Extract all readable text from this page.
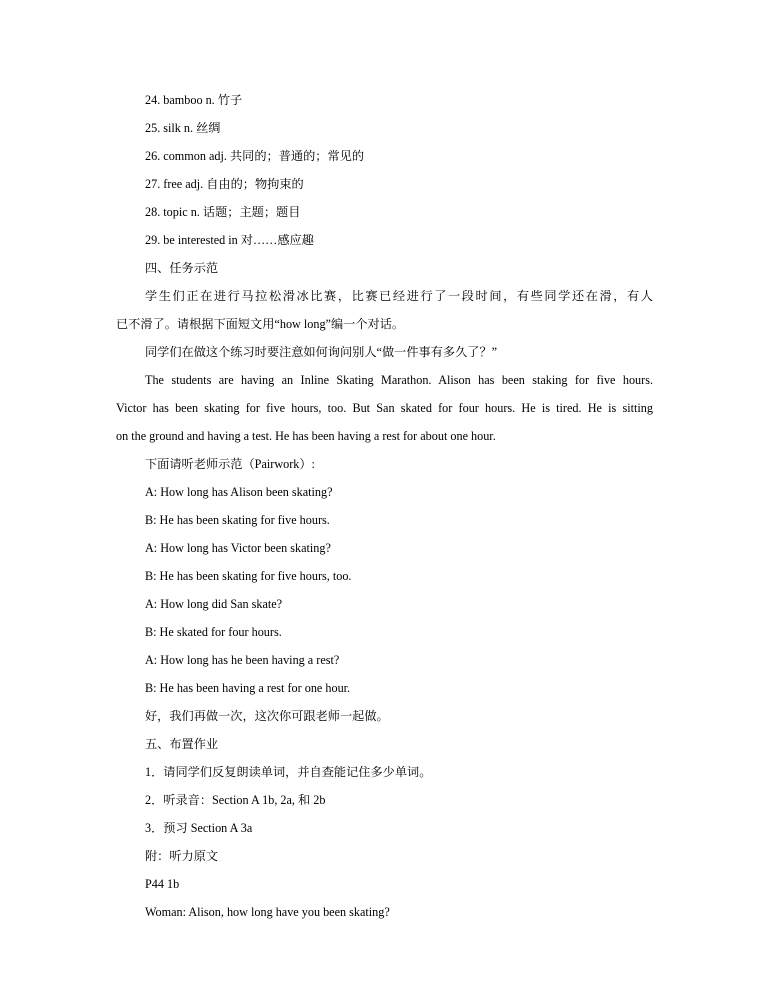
24. bamboo n. 竹子
25. silk n. 丝绸
26. common adj. 共同的；普通的；常见的
27. free adj. 自由的；物拘束的
28. topic n. 话题；主题；题目
29. be interested in 对……感应趣
四、任务示范
学生们正在进行马拉松滑冰比赛，比赛已经进行了一段时间，有些同学还在滑，有人
已不滑了。请根据下面短文用“how long”编一个对话。
同学们在做这个练习时要注意如何询问别人“做一件事有多久了？”
The students are having an Inline Skating Marathon. Alison has been staking for five hours.
Victor has been skating for five hours, too. But San skated for four hours. He is tired. He is sitting
on the ground and having a test. He has been having a rest for about one hour.
下面请听老师示范（Pairwork）:
A: How long has Alison been skating?
B: He has been skating for five hours.
A: How long has Victor been skating?
B: He has been skating for five hours, too.
A: How long did San skate?
B: He skated for four hours.
A: How long has he been having a rest?
B: He has been having a rest for one hour.
好，我们再做一次，这次你可跟老师一起做。
五、布置作业
1．请同学们反复朗读单词，并自查能记住多少单词。
2．听录音：Section A 1b, 2a, 和 2b
3．预习 Section A 3a
附：听力原文
P44 1b
Woman: Alison, how long have you been skating?
